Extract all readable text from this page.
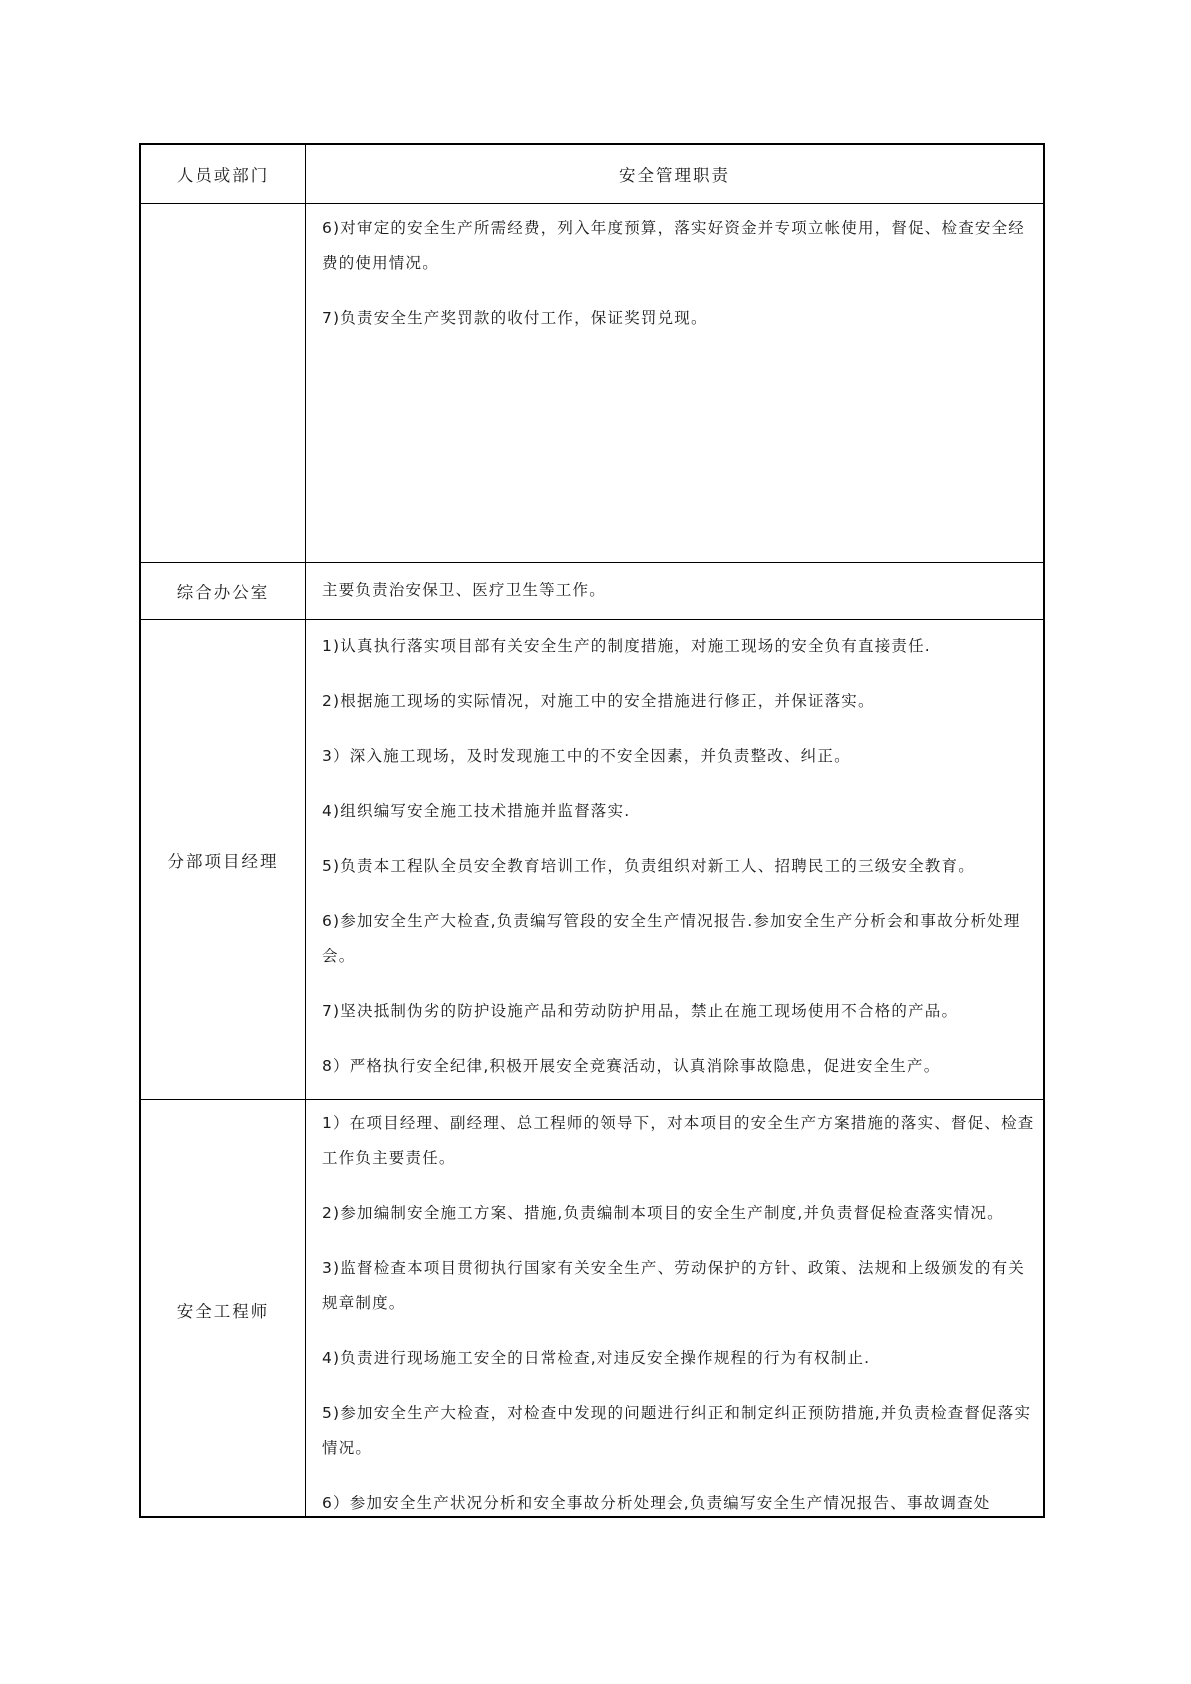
人员或部门	安全管理职责

6)对审定的安全生产所需经费，列入年度预算，落实好资金并专项立帐使用，督促、检查安全经费的使用情况。

7)负责安全生产奖罚款的收付工作，保证奖罚兑现。

综合办公室	主要负责治安保卫、医疗卫生等工作。

分部项目经理

1)认真执行落实项目部有关安全生产的制度措施，对施工现场的安全负有直接责任.

2)根据施工现场的实际情况，对施工中的安全措施进行修正，并保证落实。

3）深入施工现场，及时发现施工中的不安全因素，并负责整改、纠正。

4)组织编写安全施工技术措施并监督落实.

5)负责本工程队全员安全教育培训工作，负责组织对新工人、招聘民工的三级安全教育。

6)参加安全生产大检查,负责编写管段的安全生产情况报告.参加安全生产分析会和事故分析处理会。

7)坚决抵制伪劣的防护设施产品和劳动防护用品，禁止在施工现场使用不合格的产品。

8）严格执行安全纪律,积极开展安全竞赛活动，认真消除事故隐患，促进安全生产。

安全工程师

1）在项目经理、副经理、总工程师的领导下，对本项目的安全生产方案措施的落实、督促、检查工作负主要责任。

2)参加编制安全施工方案、措施,负责编制本项目的安全生产制度,并负责督促检查落实情况。

3)监督检查本项目贯彻执行国家有关安全生产、劳动保护的方针、政策、法规和上级颁发的有关规章制度。

4)负责进行现场施工安全的日常检查,对违反安全操作规程的行为有权制止.

5)参加安全生产大检查，对检查中发现的问题进行纠正和制定纠正预防措施,并负责检查督促落实情况。

6）参加安全生产状况分析和安全事故分析处理会,负责编写安全生产情况报告、事故调查处
